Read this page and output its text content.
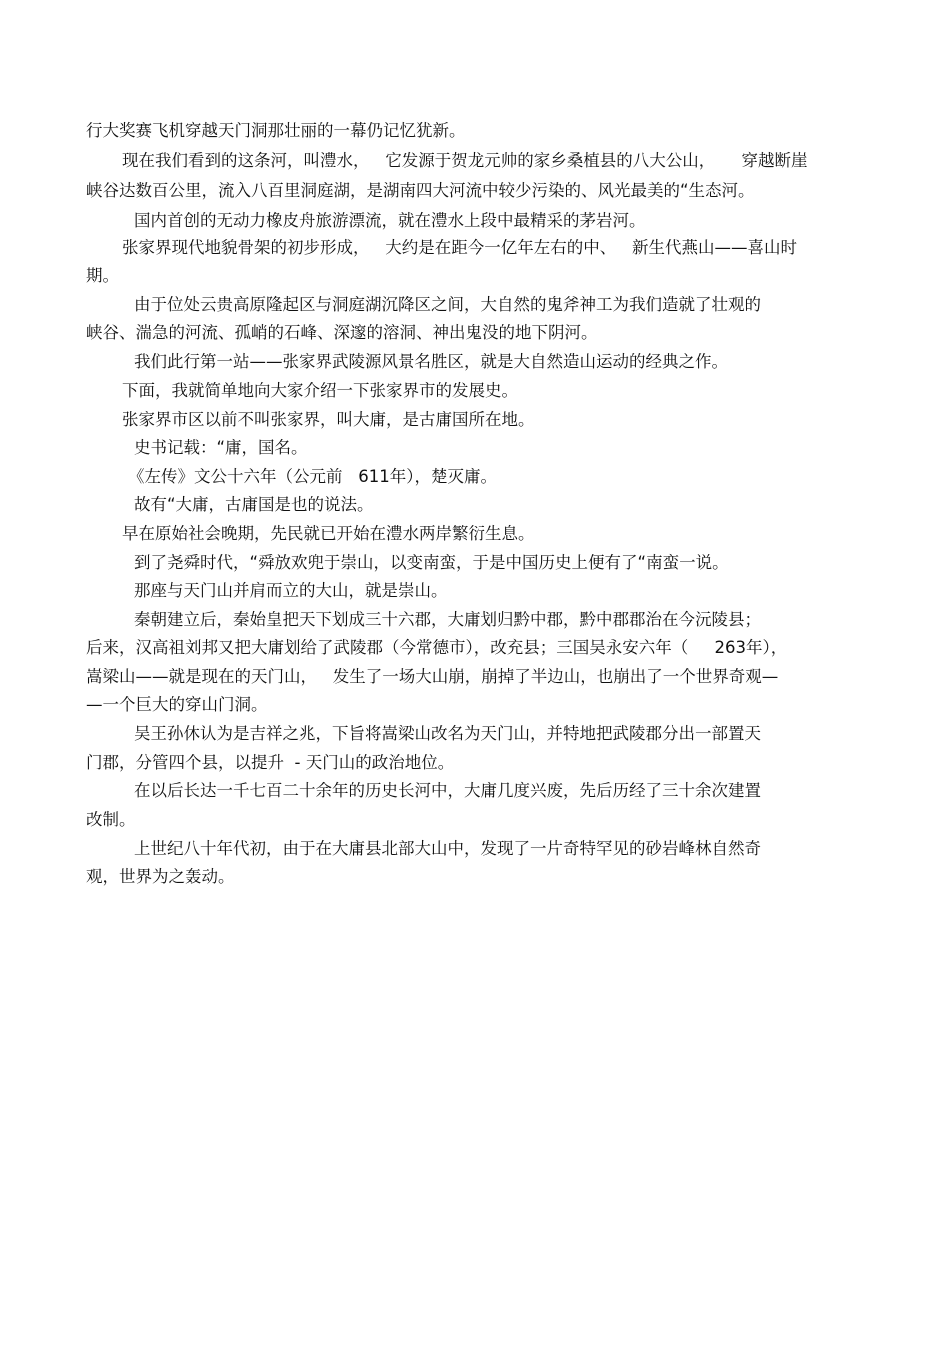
行大奖赛飞机穿越天门洞那壮丽的一幕仍记忆犹新。
现在我们看到的这条河，叫澧水，   它发源于贺龙元帅的家乡桑植县的八大公山，     穿越断崖
峡谷达数百公里，流入八百里洞庭湖，是湖南四大河流中较少污染的、风光最美的“生态河。
国内首创的无动力橡皮舟旅游漂流，就在澧水上段中最精采的茅岩河。
张家界现代地貌骨架的初步形成，   大约是在距今一亿年左右的中、   新生代燕山——喜山时
期。
由于位处云贵高原隆起区与洞庭湖沉降区之间，大自然的鬼斧神工为我们造就了壮观的
峡谷、湍急的河流、孤峭的石峰、深邃的溶洞、神出鬼没的地下阴河。
我们此行第一站——张家界武陵源风景名胜区，就是大自然造山运动的经典之作。
下面，我就简单地向大家介绍一下张家界市的发展史。
张家界市区以前不叫张家界，叫大庸，是古庸国所在地。
史书记载：“庸，国名。
《左传》文公十六年（公元前   611年），楚灭庸。
故有“大庸，古庸国是也的说法。
早在原始社会晚期，先民就已开始在澧水两岸繁衍生息。
到了尧舜时代，“舜放欢兜于崇山，以变南蛮，于是中国历史上便有了“南蛮一说。
那座与天门山并肩而立的大山，就是崇山。
秦朝建立后，秦始皇把天下划成三十六郡，大庸划归黔中郡，黔中郡郡治在今沅陵县；
后来，汉高祖刘邦又把大庸划给了武陵郡（今常德市），改充县；三国吴永安六年（     263年），
嵩梁山——就是现在的天门山，   发生了一场大山崩，崩掉了半边山，也崩出了一个世界奇观—
—一个巨大的穿山门洞。
吴王孙休认为是吉祥之兆，下旨将嵩梁山改名为天门山，并特地把武陵郡分出一部置天
门郡，分管四个县，以提升  - 天门山的政治地位。
在以后长达一千七百二十余年的历史长河中，大庸几度兴废，先后历经了三十余次建置
改制。
上世纪八十年代初，由于在大庸县北部大山中，发现了一片奇特罕见的砂岩峰林自然奇
观，世界为之轰动。
